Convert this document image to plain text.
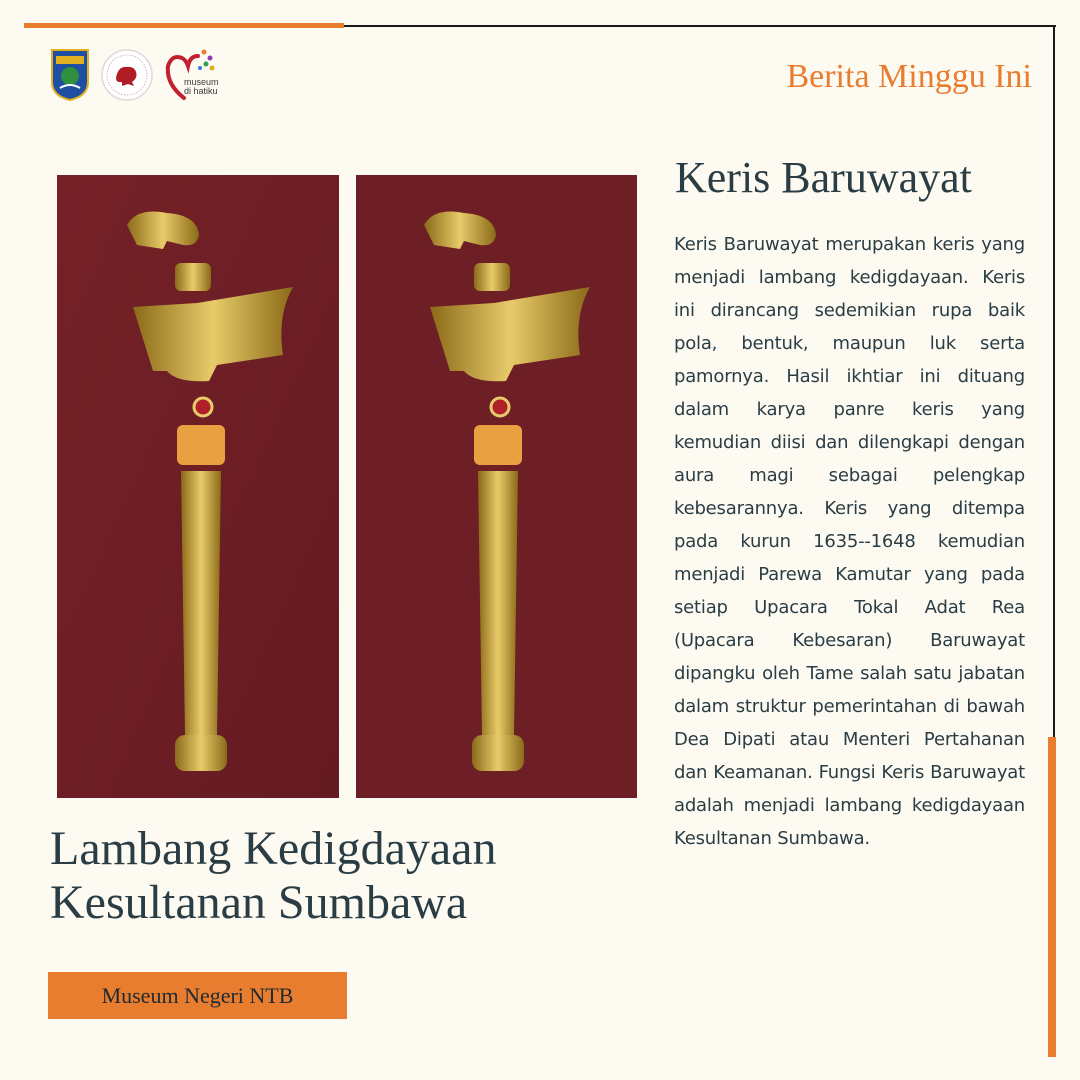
museum di hatiku	Berita Minggu Ini
Lambang Kedigdayaan
Kesultanan Sumbawa
Museum Negeri NTB
Keris Baruwayat
Keris Baruwayat merupakan keris yang menjadi lambang kedigdayaan. Keris ini dirancang sedemikian rupa baik pola, bentuk, maupun luk serta pamornya. Hasil ikhtiar ini dituang dalam karya panre keris yang kemudian diisi dan dilengkapi dengan aura magi sebagai pelengkap kebesarannya. Keris yang ditempa pada kurun 1635--1648 kemudian menjadi Parewa Kamutar yang pada setiap Upacara Tokal Adat Rea (Upacara Kebesaran) Baruwayat dipangku oleh Tame salah satu jabatan dalam struktur pemerintahan di bawah Dea Dipati atau Menteri Pertahanan dan Keamanan. Fungsi Keris Baruwayat adalah menjadi lambang kedigdayaan Kesultanan Sumbawa.
